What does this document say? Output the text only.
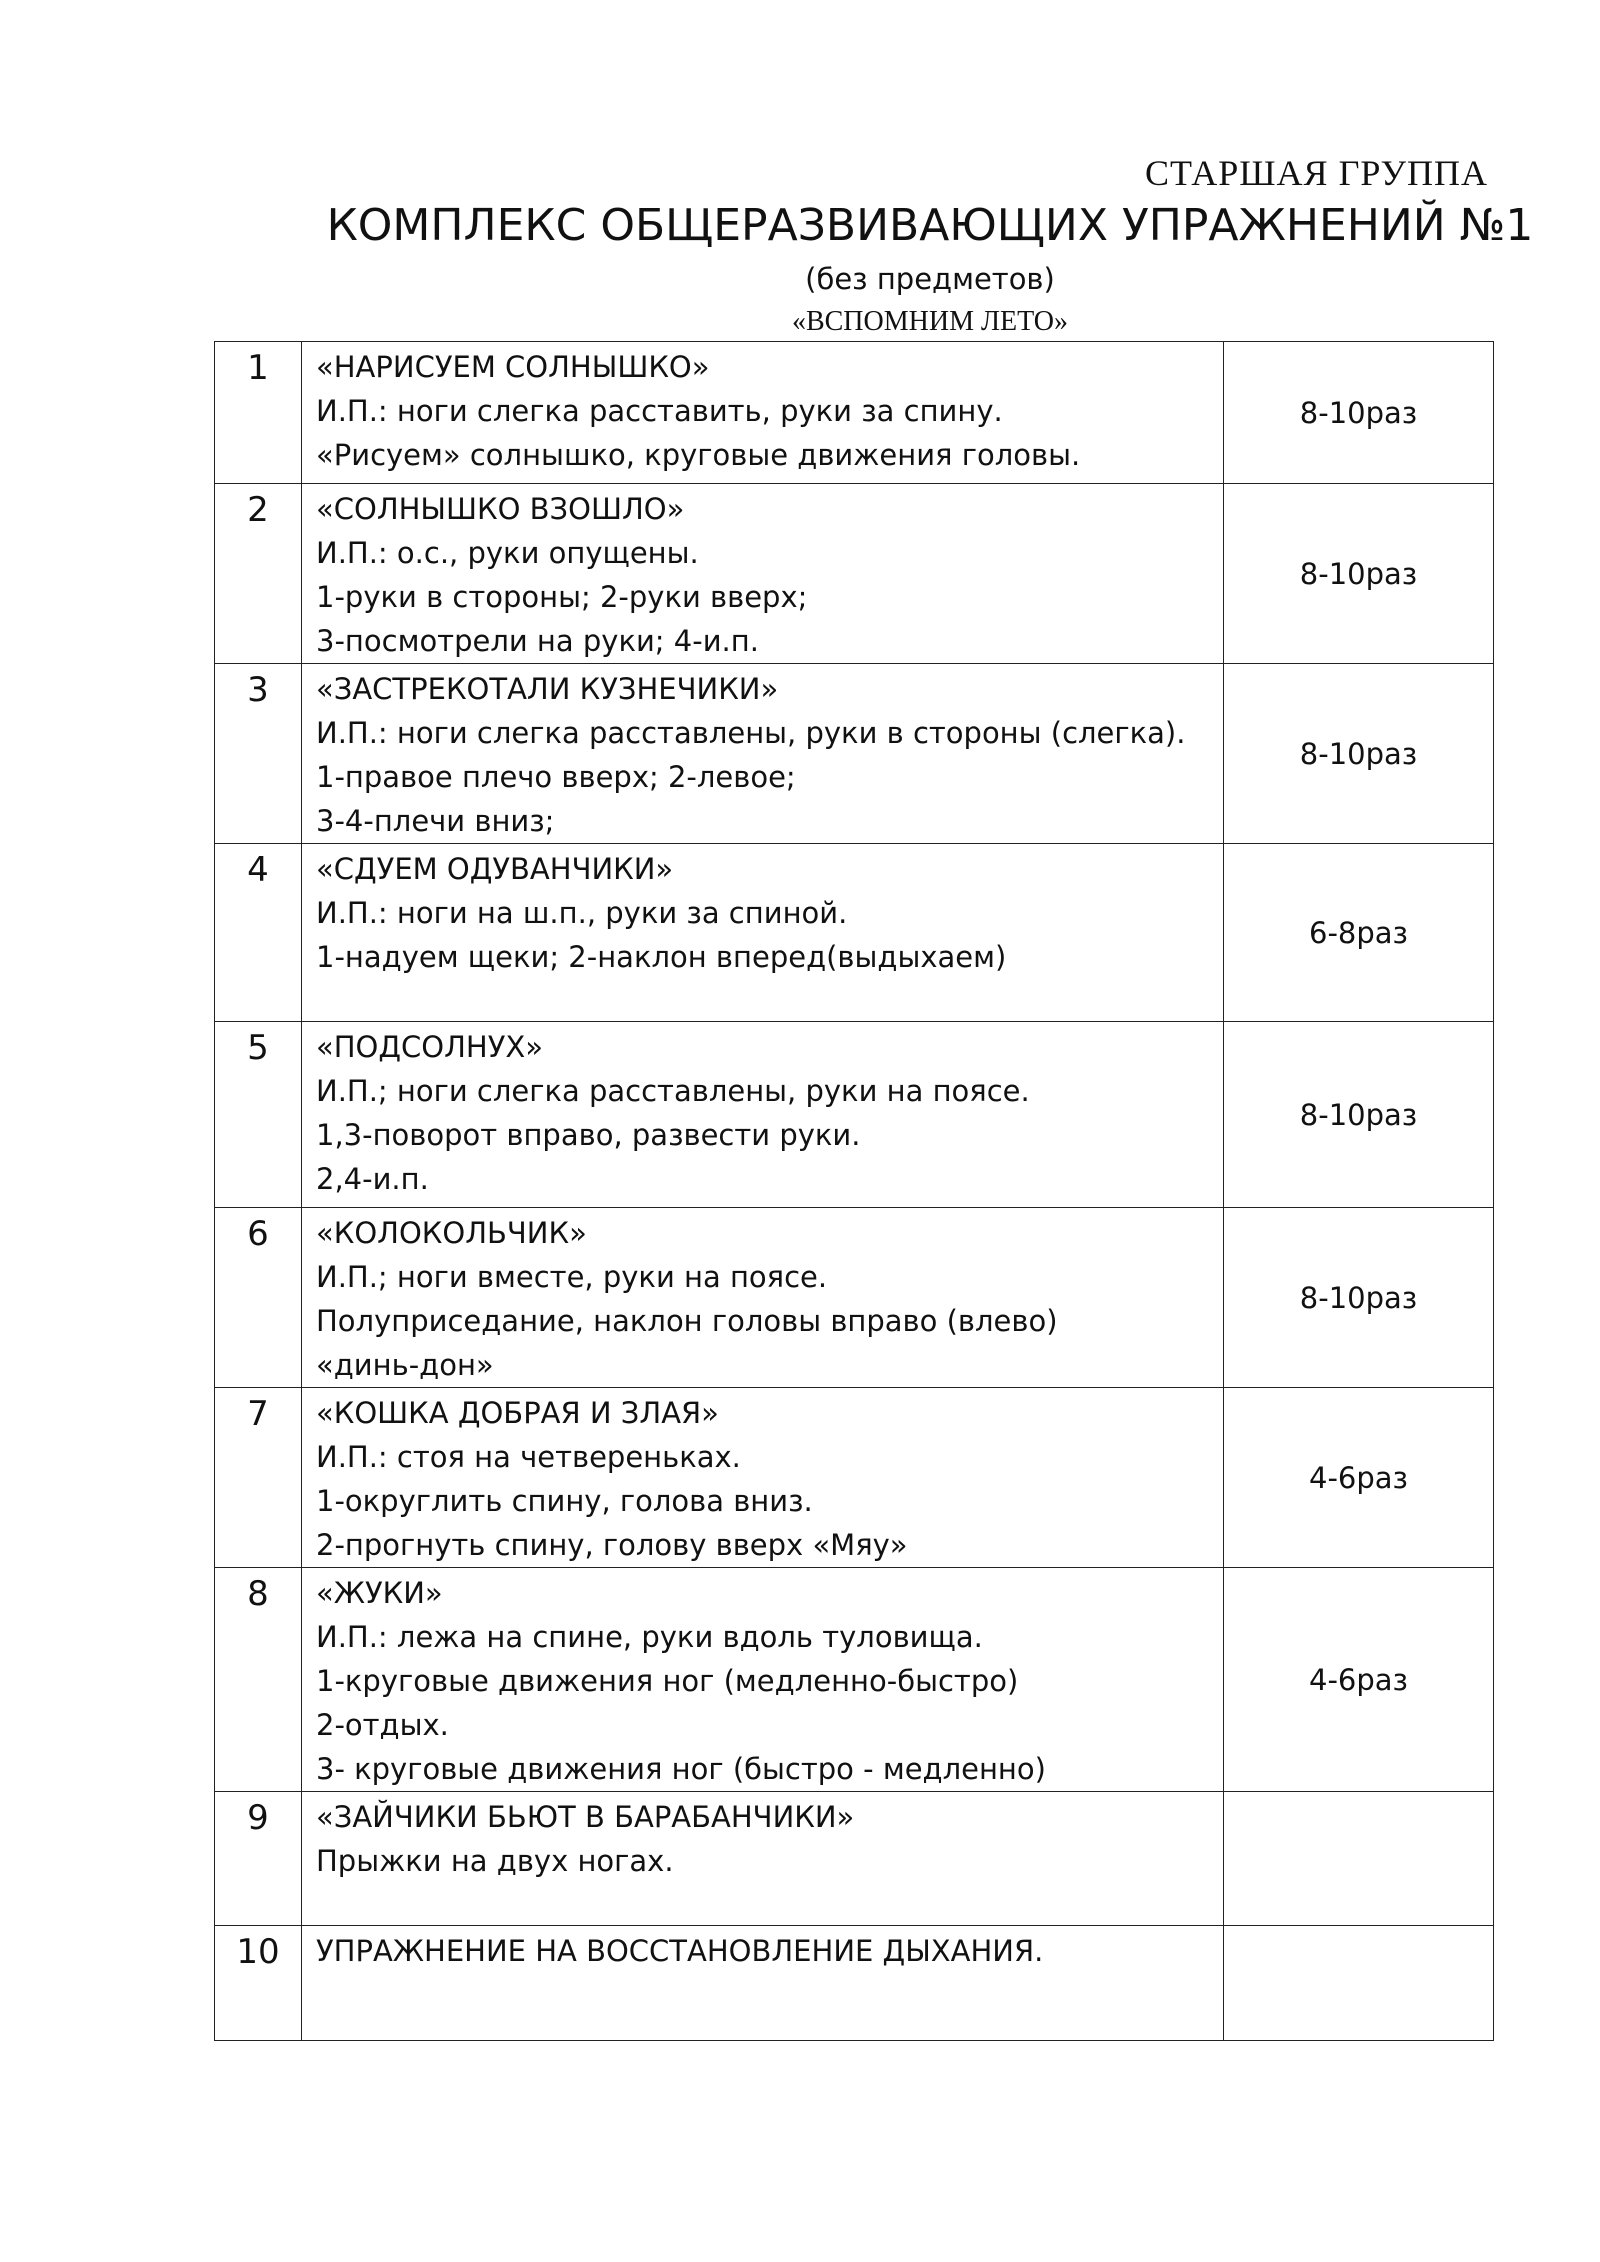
СТАРШАЯ ГРУППА
КОМПЛЕКС ОБЩЕРАЗВИВАЮЩИХ УПРАЖНЕНИЙ №1
(без предметов)
«ВСПОМНИМ ЛЕТО»
1	«НАРИСУЕМ СОЛНЫШКО»
И.П.: ноги слегка расставить, руки за спину.
«Рисуем» солнышко, круговые движения головы.	8-10раз
2	«СОЛНЫШКО ВЗОШЛО»
И.П.: о.с., руки опущены.
1-руки в стороны; 2-руки вверх;
3-посмотрели на руки; 4-и.п.	8-10раз
3	«ЗАСТРЕКОТАЛИ КУЗНЕЧИКИ»
И.П.: ноги слегка расставлены, руки в стороны (слегка).
1-правое плечо вверх; 2-левое;
3-4-плечи вниз;	8-10раз
4	«СДУЕМ ОДУВАНЧИКИ»
И.П.: ноги на ш.п., руки за спиной.
1-надуем щеки; 2-наклон вперед(выдыхаем)	6-8раз
5	«ПОДСОЛНУХ»
И.П.; ноги слегка расставлены, руки на поясе.
1,3-поворот вправо, развести руки.
2,4-и.п.	8-10раз
6	«КОЛОКОЛЬЧИК»
И.П.; ноги вместе, руки на поясе.
Полуприседание, наклон головы вправо (влево)
«динь-дон»	8-10раз
7	«КОШКА ДОБРАЯ И ЗЛАЯ»
И.П.: стоя на четвереньках.
1-округлить спину, голова вниз.
2-прогнуть спину, голову вверх «Мяу»	4-6раз
8	«ЖУКИ»
И.П.: лежа на спине, руки вдоль туловища.
1-круговые движения ног (медленно-быстро)
2-отдых.
3- круговые движения ног (быстро - медленно)	4-6раз
9	«ЗАЙЧИКИ БЬЮТ В БАРАБАНЧИКИ»
Прыжки на двух ногах.	

10	УПРАЖНЕНИЕ НА ВОССТАНОВЛЕНИЕ ДЫХАНИЯ.	
